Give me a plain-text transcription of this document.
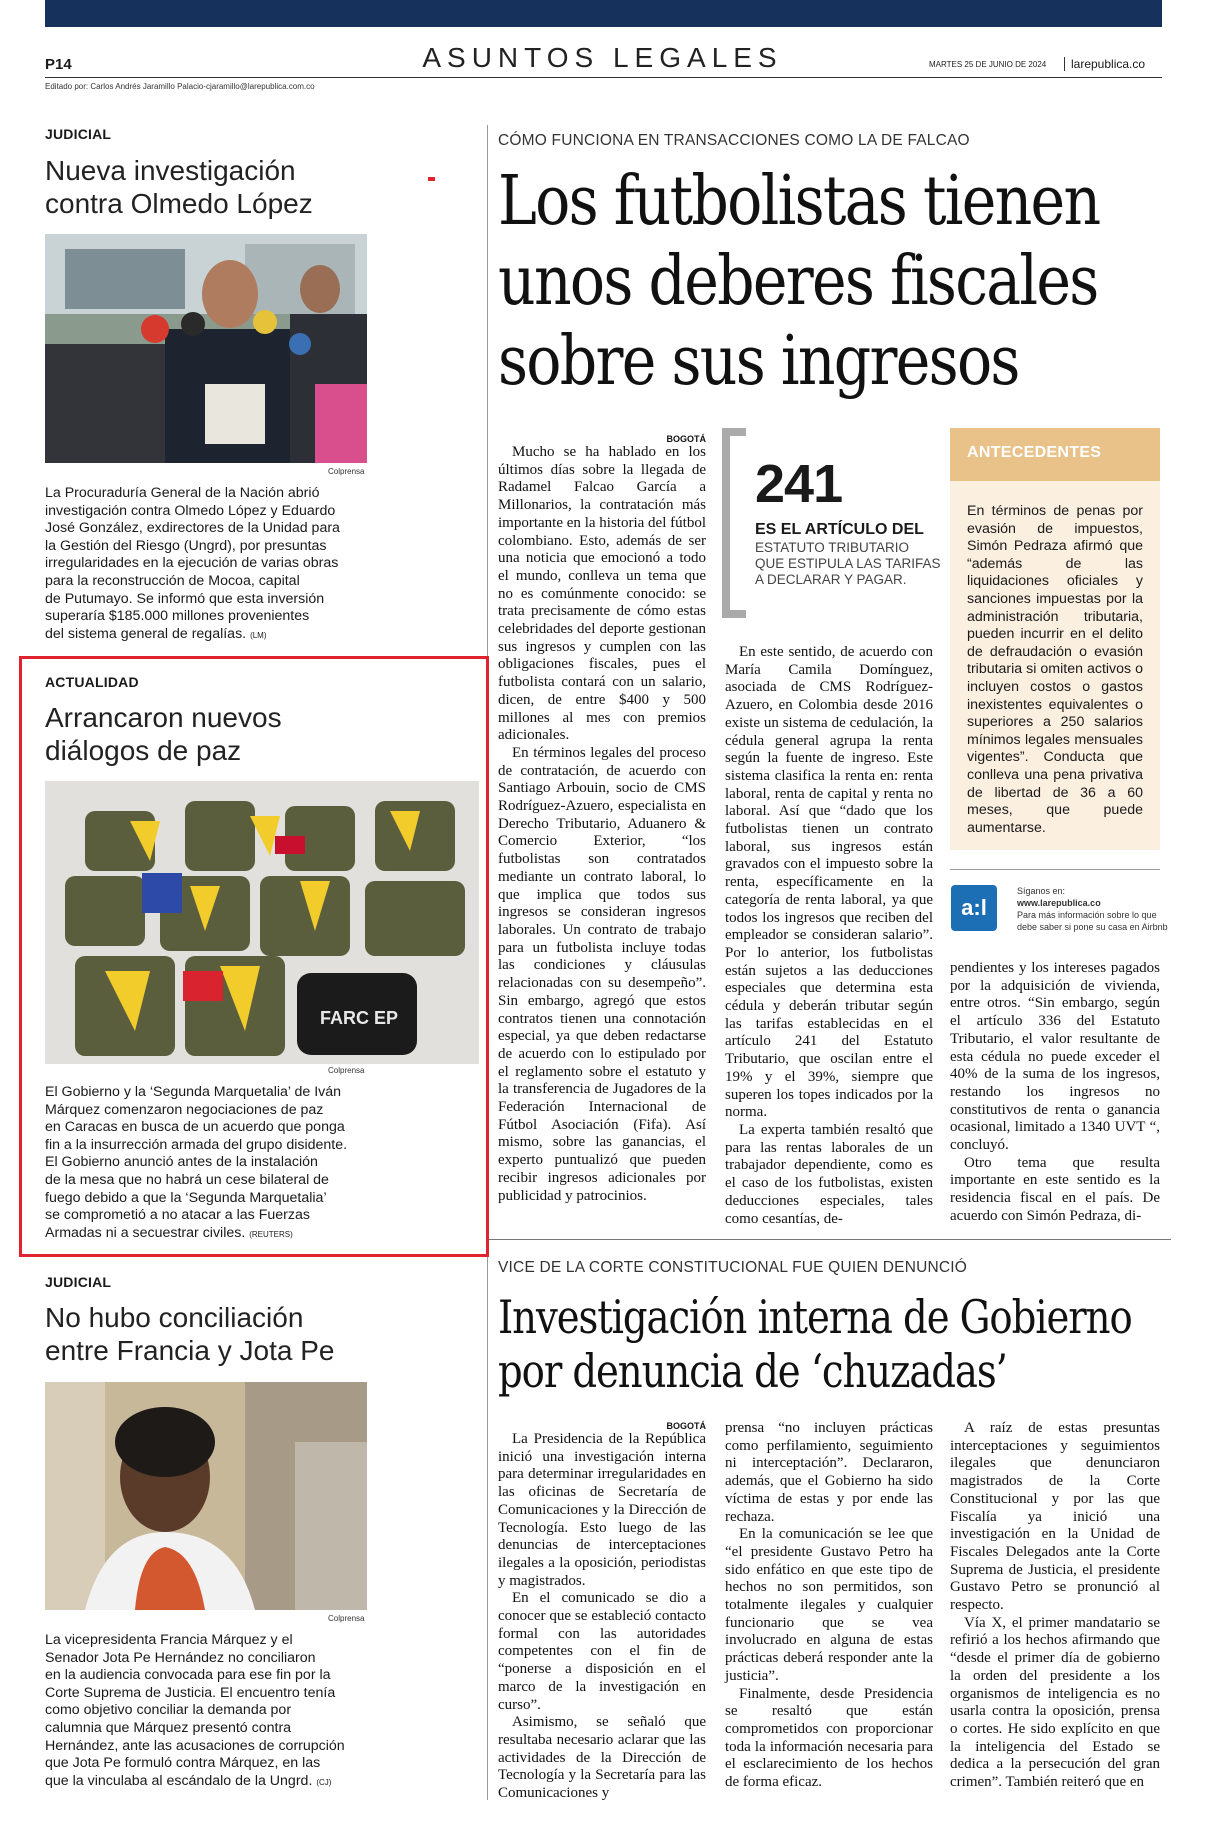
P14	ASUNTOS LEGALES	MARTES 25 DE JUNIO DE 2024	larepublica.co
Editado por: Carlos Andrés Jaramillo Palacio-cjaramillo@larepublica.com.co
JUDICIAL
Nueva investigación
contra Olmedo López
Colprensa
La Procuraduría General de la Nación abrió
investigación contra Olmedo López y Eduardo
José González, exdirectores de la Unidad para
la Gestión del Riesgo (Ungrd), por presuntas
irregularidades en la ejecución de varias obras
para la reconstrucción de Mocoa, capital
de Putumayo. Se informó que esta inversión
superaría $185.000 millones provenientes
del sistema general de regalías. (LM)
ACTUALIDAD
Arrancaron nuevos
diálogos de paz
FARC EP
Colprensa
El Gobierno y la ‘Segunda Marquetalia’ de Iván
Márquez comenzaron negociaciones de paz
en Caracas en busca de un acuerdo que ponga
fin a la insurrección armada del grupo disidente.
El Gobierno anunció antes de la instalación
de la mesa que no habrá un cese bilateral de
fuego debido a que la ‘Segunda Marquetalia’
se comprometió a no atacar a las Fuerzas
Armadas ni a secuestrar civiles. (REUTERS)
JUDICIAL
No hubo conciliación
entre Francia y Jota Pe
Colprensa
La vicepresidenta Francia Márquez y el
Senador Jota Pe Hernández no conciliaron
en la audiencia convocada para ese fin por la
Corte Suprema de Justicia. El encuentro tenía
como objetivo conciliar la demanda por
calumnia que Márquez presentó contra
Hernández, ante las acusaciones de corrupción
que Jota Pe formuló contra Márquez, en las
que la vinculaba al escándalo de la Ungrd. (CJ)
CÓMO FUNCIONA EN TRANSACCIONES COMO LA DE FALCAO
Los futbolistas tienen
unos deberes fiscales
sobre sus ingresos
BOGOTÁ

Mucho se ha hablado en los últimos días sobre la llegada de Radamel Falcao García a Millonarios, la contratación más importante en la historia del fútbol colombiano. Esto, además de ser una noticia que emocionó a todo el mundo, conlleva un tema que no es comúnmente conocido: se trata precisamente de cómo estas celebridades del deporte gestionan sus ingresos y cumplen con las obligaciones fiscales, pues el futbolista contará con un salario, dicen, de entre $400 y 500 millones al mes con premios adicionales.

En términos legales del proceso de contratación, de acuerdo con Santiago Arbouin, socio de CMS Rodríguez-Azuero, especialista en Derecho Tributario, Aduanero & Comercio Exterior, “los futbolistas son contratados mediante un contrato laboral, lo que implica que todos sus ingresos se consideran ingresos laborales. Un contrato de trabajo para un futbolista incluye todas las condiciones y cláusulas relacionadas con su desempeño”. Sin embargo, agregó que estos contratos tienen una connotación especial, ya que deben redactarse de acuerdo con lo estipulado por el reglamento sobre el estatuto y la transferencia de Jugadores de la Federación Internacional de Fútbol Asociación (Fifa). Así mismo, sobre las ganancias, el experto puntualizó que pueden recibir ingresos adicionales por publicidad y patrocinios.

241
ES EL ARTÍCULO DEL
ESTATUTO TRIBUTARIO
QUE ESTIPULA LAS TARIFAS
A DECLARAR Y PAGAR.

En este sentido, de acuerdo con María Camila Domínguez, asociada de CMS Rodríguez-Azuero, en Colombia desde 2016 existe un sistema de cedulación, la cédula general agrupa la renta según la fuente de ingreso. Este sistema clasifica la renta en: renta laboral, renta de capital y renta no laboral. Así que “dado que los futbolistas tienen un contrato laboral, sus ingresos están gravados con el impuesto sobre la renta, específicamente en la categoría de renta laboral, ya que todos los ingresos que reciben del empleador se consideran salario”. Por lo anterior, los futbolistas están sujetos a las deducciones especiales que determina esta cédula y deberán tributar según las tarifas establecidas en el artículo 241 del Estatuto Tributario, que oscilan entre el 19% y el 39%, siempre que superen los topes indicados por la norma.

La experta también resaltó que para las rentas laborales de un trabajador dependiente, como es el caso de los futbolistas, existen deducciones especiales, tales como cesantías, de-

ANTECEDENTES
En términos de penas por evasión de impuestos, Simón Pedraza afirmó que “además de las liquidaciones oficiales y sanciones impuestas por la administración tributaria, pueden incurrir en el delito de defraudación o evasión tributaria si omiten activos o incluyen costos o gastos inexistentes equivalentes o superiores a 250 salarios mínimos legales mensuales vigentes”. Conducta que conlleva una pena privativa de libertad de 36 a 60 meses, que puede aumentarse.
a:l
Síganos en:
www.larepublica.co
Para más información sobre lo que
debe saber si pone su casa en Airbnb
pendientes y los intereses pagados por la adquisición de vivienda, entre otros. “Sin embargo, según el artículo 336 del Estatuto Tributario, el valor resultante de esta cédula no puede exceder el 40% de la suma de los ingresos, restando los ingresos no constitutivos de renta o ganancia ocasional, limitado a 1340 UVT “, concluyó.

Otro tema que resulta importante en este sentido es la residencia fiscal en el país. De acuerdo con Simón Pedraza, di-

VICE DE LA CORTE CONSTITUCIONAL FUE QUIEN DENUNCIÓ
Investigación interna de Gobierno
por denuncia de ‘chuzadas’
BOGOTÁ

La Presidencia de la República inició una investigación interna para determinar irregularidades en las oficinas de Secretaría de Comunicaciones y la Dirección de Tecnología. Esto luego de las denuncias de interceptaciones ilegales a la oposición, periodistas y magistrados.

En el comunicado se dio a conocer que se estableció contacto formal con las autoridades competentes con el fin de “ponerse a disposición en el marco de la investigación en curso”.

Asimismo, se señaló que resultaba necesario aclarar que las actividades de la Dirección de Tecnología y la Secretaría para las Comunicaciones y

prensa “no incluyen prácticas como perfilamiento, seguimiento ni interceptación”. Declararon, además, que el Gobierno ha sido víctima de estas y por ende las rechaza.

En la comunicación se lee que “el presidente Gustavo Petro ha sido enfático en que este tipo de hechos no son permitidos, son totalmente ilegales y cualquier funcionario que se vea involucrado en alguna de estas prácticas deberá responder ante la justicia”.

Finalmente, desde Presidencia se resaltó que están comprometidos con proporcionar toda la información necesaria para el esclarecimiento de los hechos de forma eficaz.

A raíz de estas presuntas interceptaciones y seguimientos ilegales que denunciaron magistrados de la Corte Constitucional y por las que Fiscalía ya inició una investigación en la Unidad de Fiscales Delegados ante la Corte Suprema de Justicia, el presidente Gustavo Petro se pronunció al respecto.

Vía X, el primer mandatario se refirió a los hechos afirmando que “desde el primer día de gobierno la orden del presidente a los organismos de inteligencia es no usarla contra la oposición, prensa o cortes. He sido explícito en que la inteligencia del Estado se dedica a la persecución del gran crimen”. También reiteró que en
